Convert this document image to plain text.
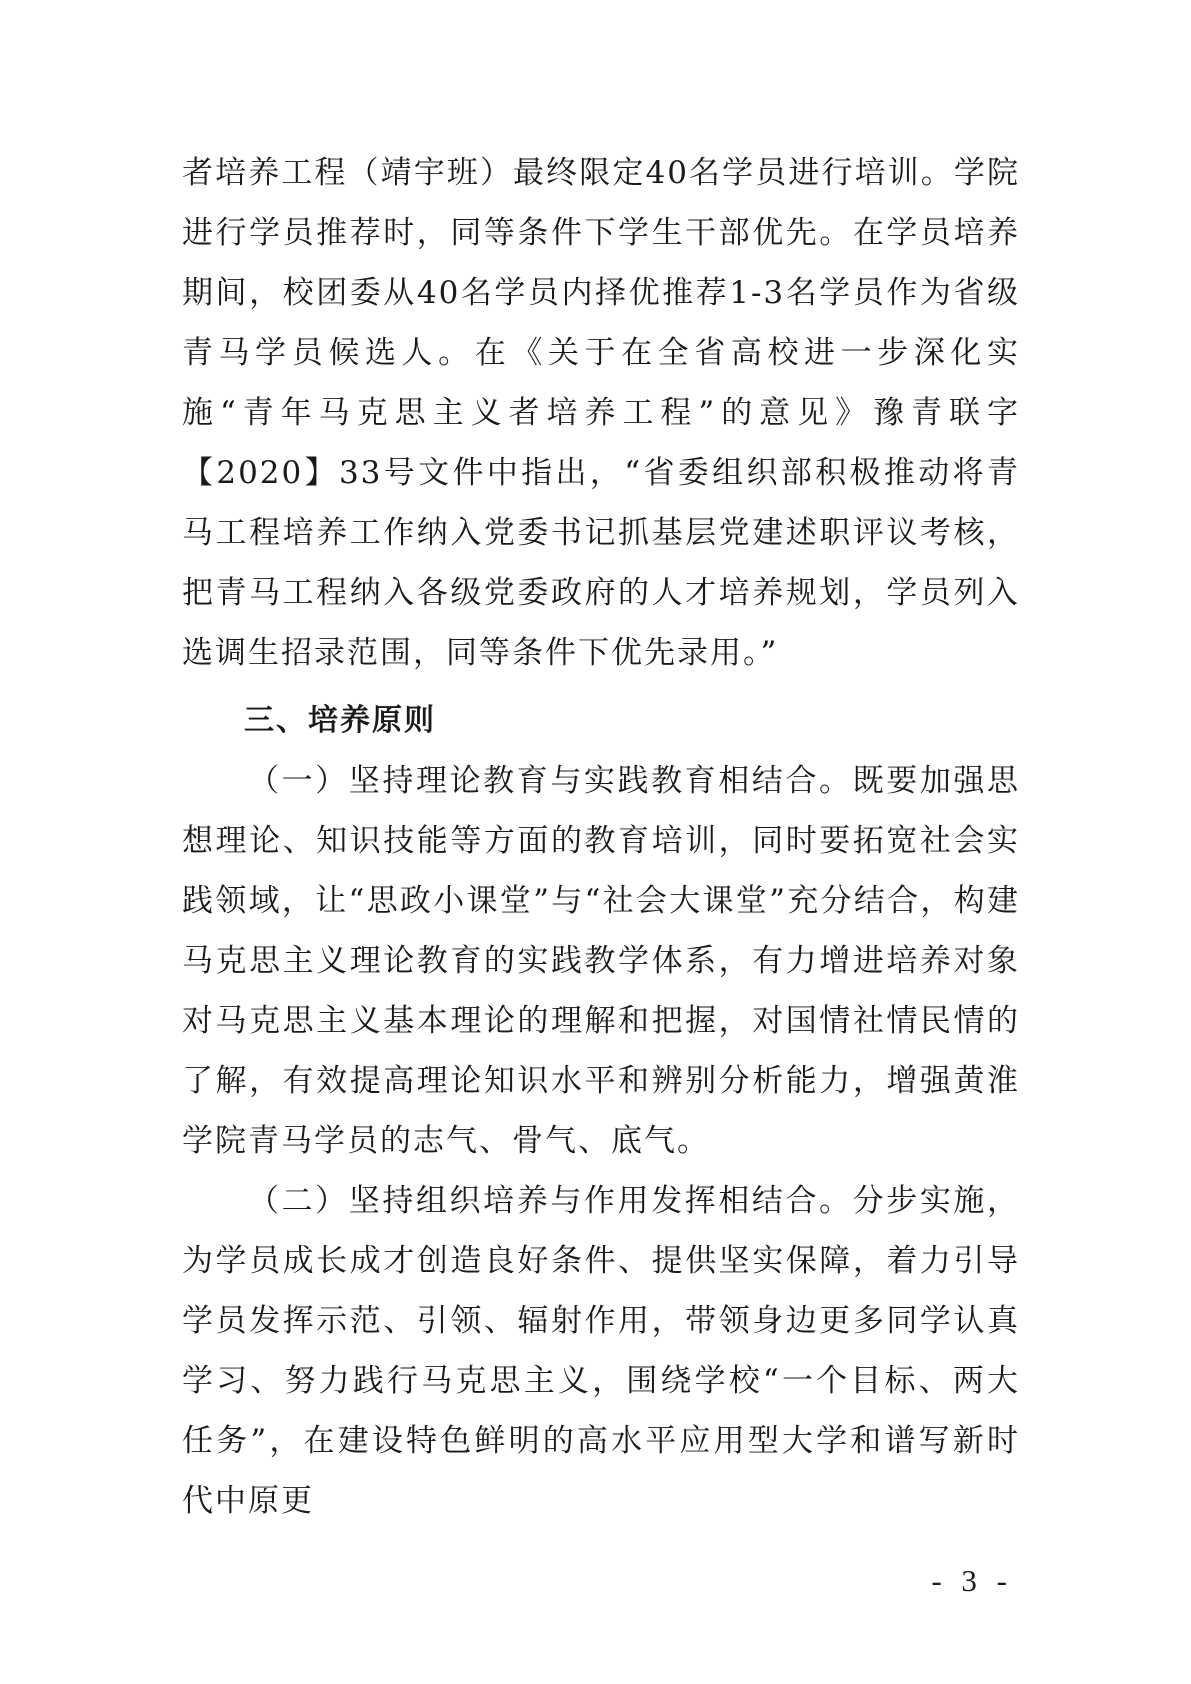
者培养工程（靖宇班）最终限定40名学员进行培训。学院进行学员推荐时，同等条件下学生干部优先。在学员培养期间，校团委从40名学员内择优推荐1-3名学员作为省级青马学员候选人。在《关于在全省高校进一步深化实施“青年马克思主义者培养工程”的意见》豫青联字【2020】33号文件中指出，“省委组织部积极推动将青马工程培养工作纳入党委书记抓基层党建述职评议考核，把青马工程纳入各级党委政府的人才培养规划，学员列入选调生招录范围，同等条件下优先录用。”

三、培养原则

（一）坚持理论教育与实践教育相结合。既要加强思想理论、知识技能等方面的教育培训，同时要拓宽社会实践领域，让“思政小课堂”与“社会大课堂”充分结合，构建马克思主义理论教育的实践教学体系，有力增进培养对象对马克思主义基本理论的理解和把握，对国情社情民情的了解，有效提高理论知识水平和辨别分析能力，增强黄淮学院青马学员的志气、骨气、底气。

（二）坚持组织培养与作用发挥相结合。分步实施，为学员成长成才创造良好条件、提供坚实保障，着力引导学员发挥示范、引领、辐射作用，带领身边更多同学认真学习、努力践行马克思主义，围绕学校“一个目标、两大任务”，在建设特色鲜明的高水平应用型大学和谱写新时代中原更

- 3 -
